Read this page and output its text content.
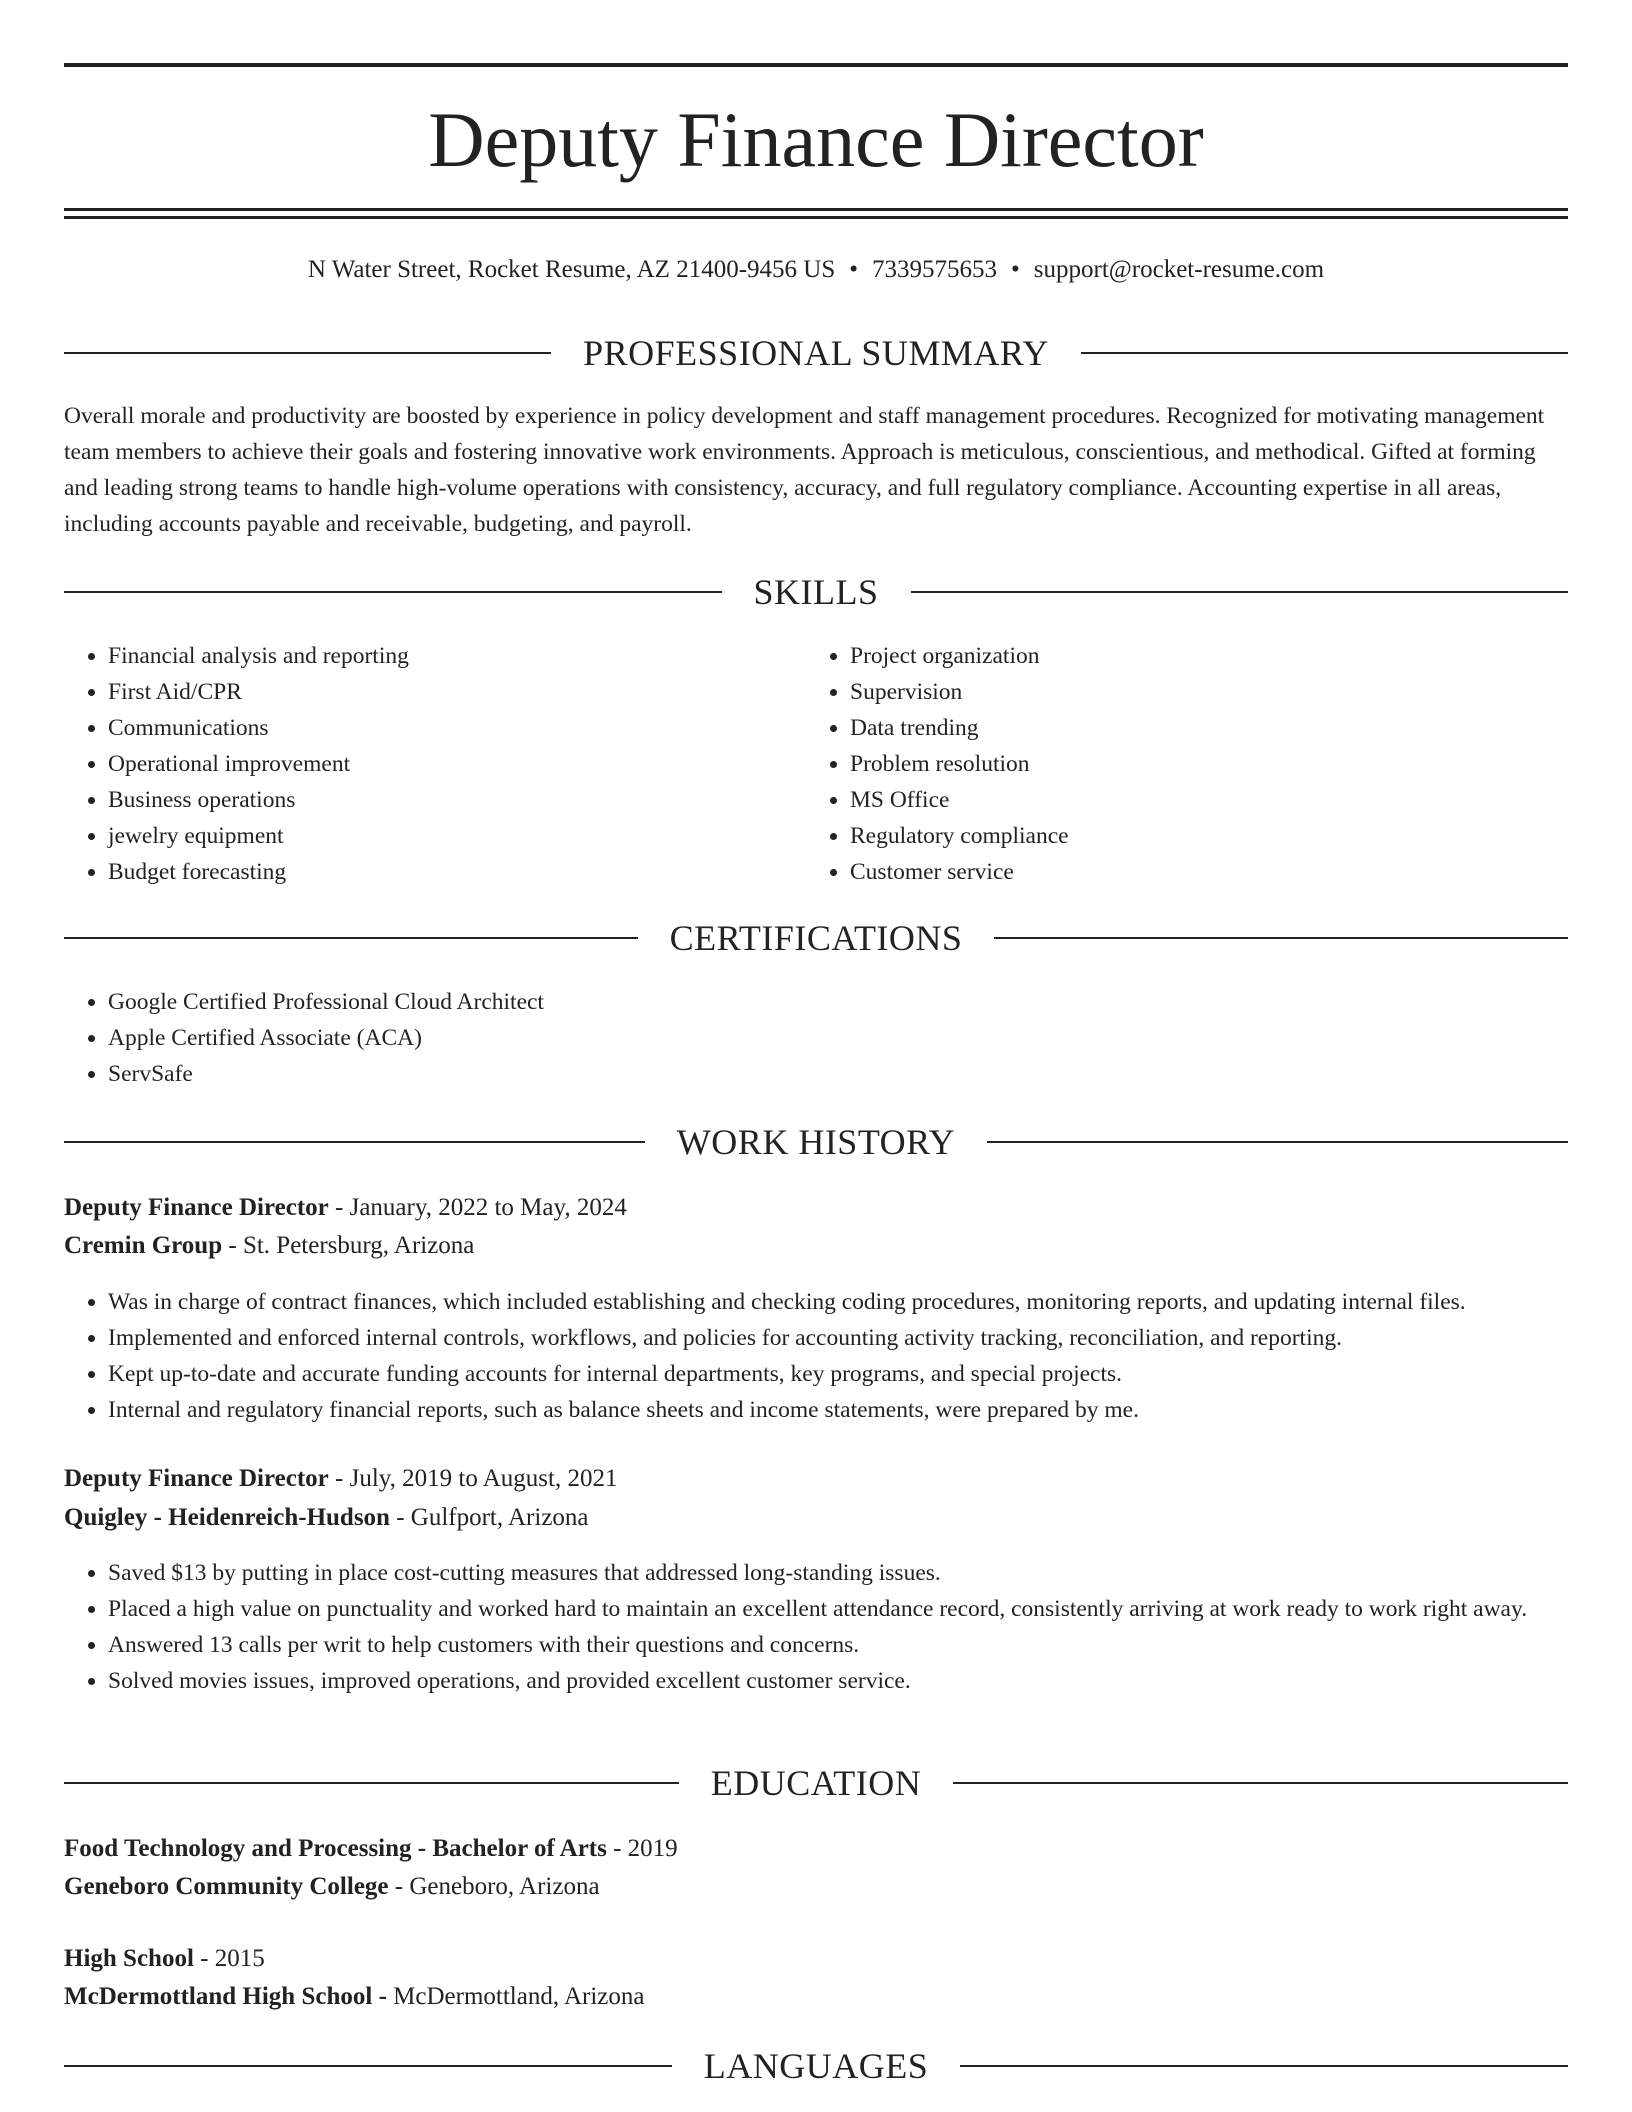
Deputy Finance Director
N Water Street, Rocket Resume, AZ 21400-9456 US • 7339575653 • support@rocket-resume.com
PROFESSIONAL SUMMARY
Overall morale and productivity are boosted by experience in policy development and staff management procedures. Recognized for motivating management team members to achieve their goals and fostering innovative work environments. Approach is meticulous, conscientious, and methodical. Gifted at forming and leading strong teams to handle high-volume operations with consistency, accuracy, and full regulatory compliance. Accounting expertise in all areas, including accounts payable and receivable, budgeting, and payroll.
SKILLS
• Financial analysis and reporting
• First Aid/CPR
• Communications
• Operational improvement
• Business operations
• jewelry equipment
• Budget forecasting
• Project organization
• Supervision
• Data trending
• Problem resolution
• MS Office
• Regulatory compliance
• Customer service
CERTIFICATIONS
• Google Certified Professional Cloud Architect
• Apple Certified Associate (ACA)
• ServSafe
WORK HISTORY
Deputy Finance Director - January, 2022 to May, 2024
Cremin Group - St. Petersburg, Arizona
• Was in charge of contract finances, which included establishing and checking coding procedures, monitoring reports, and updating internal files.
• Implemented and enforced internal controls, workflows, and policies for accounting activity tracking, reconciliation, and reporting.
• Kept up-to-date and accurate funding accounts for internal departments, key programs, and special projects.
• Internal and regulatory financial reports, such as balance sheets and income statements, were prepared by me.
Deputy Finance Director - July, 2019 to August, 2021
Quigley - Heidenreich-Hudson - Gulfport, Arizona
• Saved $13 by putting in place cost-cutting measures that addressed long-standing issues.
• Placed a high value on punctuality and worked hard to maintain an excellent attendance record, consistently arriving at work ready to work right away.
• Answered 13 calls per writ to help customers with their questions and concerns.
• Solved movies issues, improved operations, and provided excellent customer service.
EDUCATION
Food Technology and Processing - Bachelor of Arts - 2019
Geneboro Community College - Geneboro, Arizona
High School - 2015
McDermottland High School - McDermottland, Arizona
LANGUAGES
